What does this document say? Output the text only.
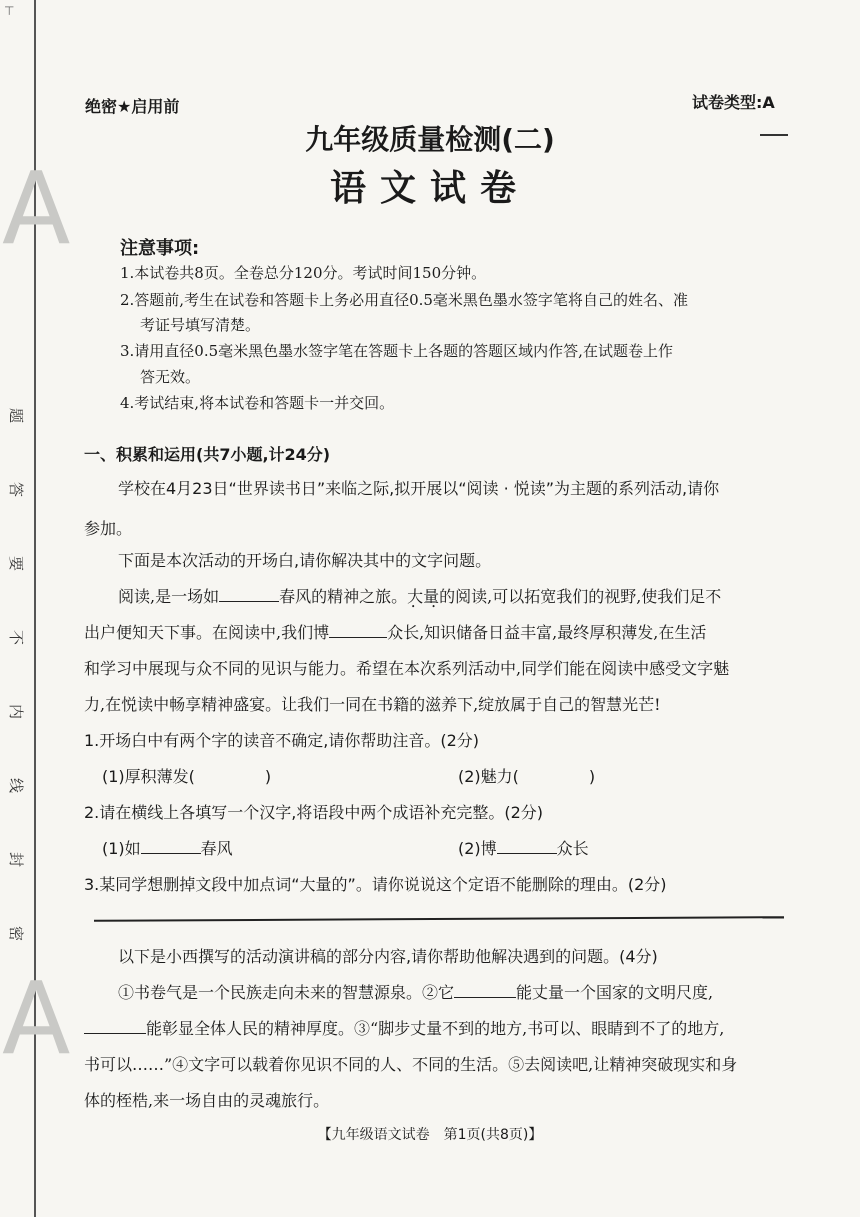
⊤
A
A
题
答
要
不
内
线
封
密
绝密★启用前	试卷类型:A
九年级质量检测(二)
语文试卷
注意事项:
1.本试卷共8页。全卷总分120分。考试时间150分钟。
2.答题前,考生在试卷和答题卡上务必用直径0.5毫米黑色墨水签字笔将自己的姓名、准
考证号填写清楚。
3.请用直径0.5毫米黑色墨水签字笔在答题卡上各题的答题区域内作答,在试题卷上作
答无效。
4.考试结束,将本试卷和答题卡一并交回。
一、积累和运用(共7小题,计24分)
学校在4月23日“世界读书日”来临之际,拟开展以“阅读 · 悦读”为主题的系列活动,请你
参加。
下面是本次活动的开场白,请你解决其中的文字问题。
阅读,是一场如	春风的精神之旅。大量的 • •阅读,可以拓宽我们的视野,使我们足不
出户便知天下事。在阅读中,我们博	众长,知识储备日益丰富,最终厚积薄发,在生活
和学习中展现与众不同的见识与能力。希望在本次系列活动中,同学们能在阅读中感受文字魅
力,在悦读中畅享精神盛宴。让我们一同在书籍的滋养下,绽放属于自己的智慧光芒!
1.开场白中有两个字的读音不确定,请你帮助注音。(2分)
(1)厚积薄发(	)	(2)魅力(	)
2.请在横线上各填写一个汉字,将语段中两个成语补充完整。(2分)
(1)如	春风	(2)博	众长
3.某同学想删掉文段中加点词“大量的”。请你说说这个定语不能删除的理由。(2分)
以下是小西撰写的活动演讲稿的部分内容,请你帮助他解决遇到的问题。(4分)
①书卷气是一个民族走向未来的智慧源泉。②它	能丈量一个国家的文明尺度,
能彰显全体人民的精神厚度。③“脚步丈量不到的地方,书可以、眼睛到不了的地方,
书可以……”④文字可以载着你见识不同的人、不同的生活。⑤去阅读吧,让精神突破现实和身
体的桎梏,来一场自由的灵魂旅行。
【九年级语文试卷　第1页(共8页)】
